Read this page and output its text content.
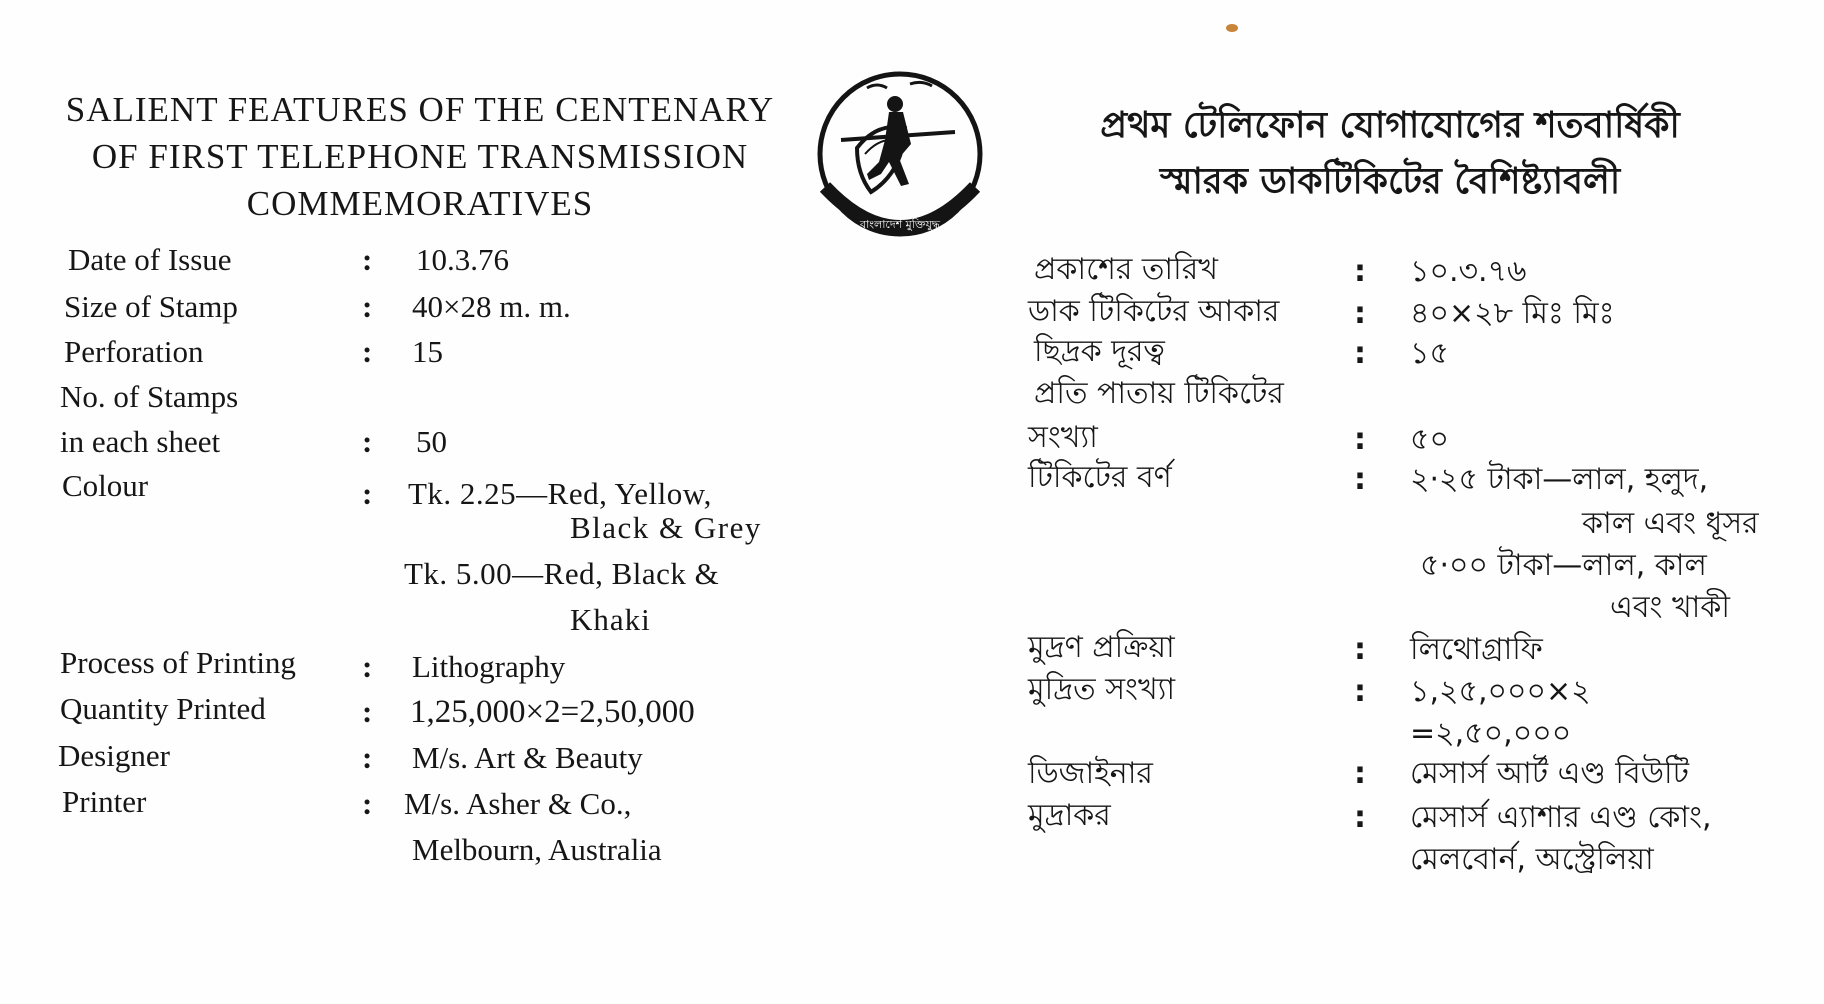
SALIENT FEATURES OF THE CENTENARY
OF FIRST TELEPHONE TRANSMISSION
COMMEMORATIVES
Date of Issue	: 10.3.76
Size of Stamp	: 40×28 m. m.
Perforation	: 15
No. of Stamps
in each sheet	: 50
Colour	: Tk. 2.25—Red, Yellow,
Black & Grey
Tk. 5.00—Red, Black &
Khaki
Process of Printing : Lithography
Quantity Printed	: 1,25,000×2=2,50,000
Designer	: M/s. Art & Beauty
Printer	: M/s. Asher & Co.,
Melbourn, Australia
বাংলাদেশ মুক্তিযুদ্ধ
প্রথম টেলিফোন যোগাযোগের শতবার্ষিকী
স্মারক ডাকটিকিটের বৈশিষ্ট্যাবলী
প্রকাশের তারিখ	: ১০.৩.৭৬
ডাক টিকিটের আকার : ৪০×২৮ মিঃ মিঃ
ছিদ্রক দূরত্ব	: ১৫
প্রতি পাতায় টিকিটের
সংখ্যা	: ৫০
টিকিটের বর্ণ	: ২·২৫ টাকা—লাল, হলুদ,
কাল এবং ধূসর
৫·০০ টাকা—লাল, কাল
এবং খাকী
মুদ্রণ প্রক্রিয়া	: লিথোগ্রাফি
মুদ্রিত সংখ্যা	: ১,২৫,০০০×২
=২,৫০,০০০
ডিজাইনার	: মেসার্স আর্ট এণ্ড বিউটি
মুদ্রাকর	: মেসার্স এ্যাশার এণ্ড কোং,
মেলবোর্ন, অস্ট্রেলিয়া
